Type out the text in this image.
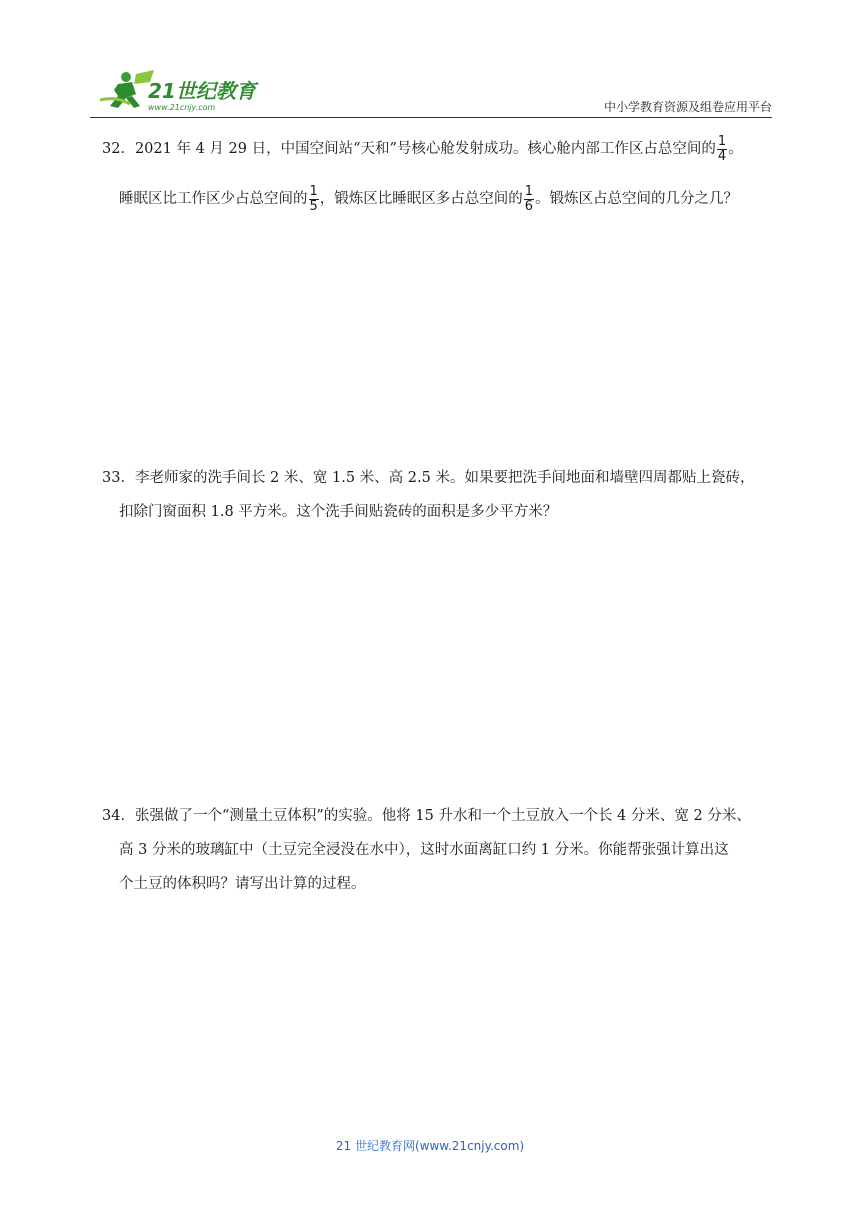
21世纪教育
www.21cnjy.com	中小学教育资源及组卷应用平台

32．2021 年 4 月 29 日，中国空间站“天和”号核心舱发射成功。核心舱内部工作区占总空间的 $\frac{1}{4}$ 。

睡眠区比工作区少占总空间的 $\frac{1}{5}$ ，锻炼区比睡眠区多占总空间的 $\frac{1}{6}$ 。锻炼区占总空间的几分之几？

33．李老师家的洗手间长 2 米、宽 1.5 米、高 2.5 米。如果要把洗手间地面和墙壁四周都贴上瓷砖，

扣除门窗面积 1.8 平方米。这个洗手间贴瓷砖的面积是多少平方米？

34．张强做了一个“测量土豆体积”的实验。他将 15 升水和一个土豆放入一个长 4 分米、宽 2 分米、

高 3 分米的玻璃缸中（土豆完全浸没在水中），这时水面离缸口约 1 分米。你能帮张强计算出这

个土豆的体积吗？请写出计算的过程。

21 世纪教育网(www.21cnjy.com)
